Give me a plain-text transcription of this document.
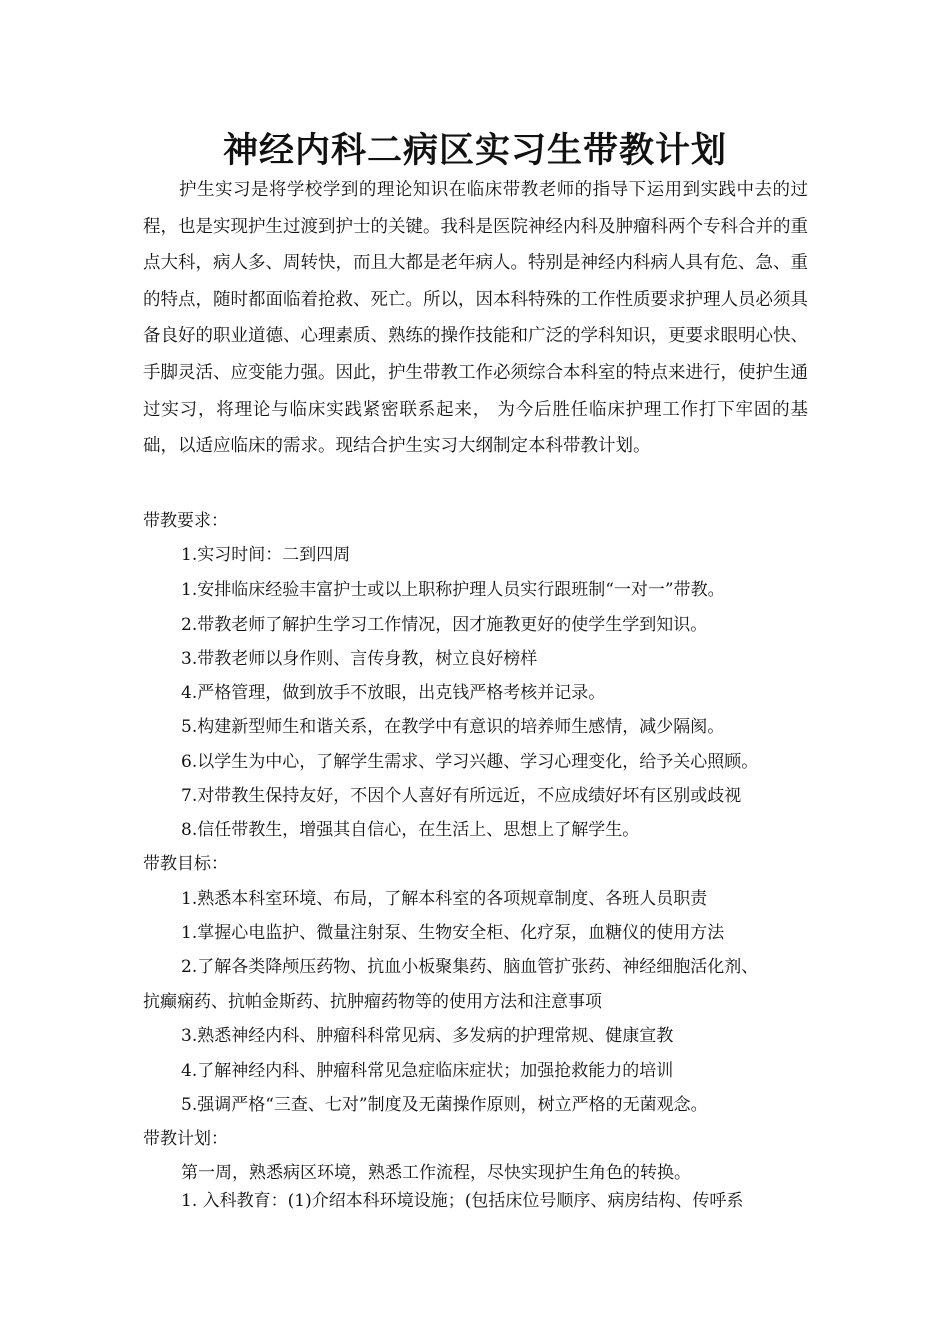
神经内科二病区实习生带教计划

护生实习是将学校学到的理论知识在临床带教老师的指导下运用到实践中去的过程，也是实现护生过渡到护士的关键。我科是医院神经内科及肿瘤科两个专科合并的重点大科，病人多、周转快，而且大都是老年病人。特别是神经内科病人具有危、急、重的特点，随时都面临着抢救、死亡。所以，因本科特殊的工作性质要求护理人员必须具备良好的职业道德、心理素质、熟练的操作技能和广泛的学科知识，更要求眼明心快、手脚灵活、应变能力强。因此，护生带教工作必须综合本科室的特点来进行，使护生通过实习，将理论与临床实践紧密联系起来， 为今后胜任临床护理工作打下牢固的基础，以适应临床的需求。现结合护生实习大纲制定本科带教计划。

带教要求：
1.实习时间：二到四周
1.安排临床经验丰富护士或以上职称护理人员实行跟班制“一对一”带教。
2.带教老师了解护生学习工作情况，因才施教更好的使学生学到知识。
3.带教老师以身作则、言传身教，树立良好榜样
4.严格管理，做到放手不放眼，出克钱严格考核并记录。
5.构建新型师生和谐关系，在教学中有意识的培养师生感情，减少隔阂。
6.以学生为中心，了解学生需求、学习兴趣、学习心理变化，给予关心照顾。
7.对带教生保持友好，不因个人喜好有所远近，不应成绩好坏有区别或歧视
8.信任带教生，增强其自信心，在生活上、思想上了解学生。
带教目标：
1.熟悉本科室环境、布局，了解本科室的各项规章制度、各班人员职责
1.掌握心电监护、微量注射泵、生物安全柜、化疗泵，血糖仪的使用方法
2.了解各类降颅压药物、抗血小板聚集药、脑血管扩张药、神经细胞活化剂、
抗癫痫药、抗帕金斯药、抗肿瘤药物等的使用方法和注意事项
3.熟悉神经内科、肿瘤科科常见病、多发病的护理常规、健康宣教
4.了解神经内科、肿瘤科常见急症临床症状；加强抢救能力的培训
5.强调严格“三查、七对”制度及无菌操作原则，树立严格的无菌观念。
带教计划：
第一周，熟悉病区环境，熟悉工作流程，尽快实现护生角色的转换。
1. 入科教育：(1)介绍本科环境设施；(包括床位号顺序、病房结构、传呼系
